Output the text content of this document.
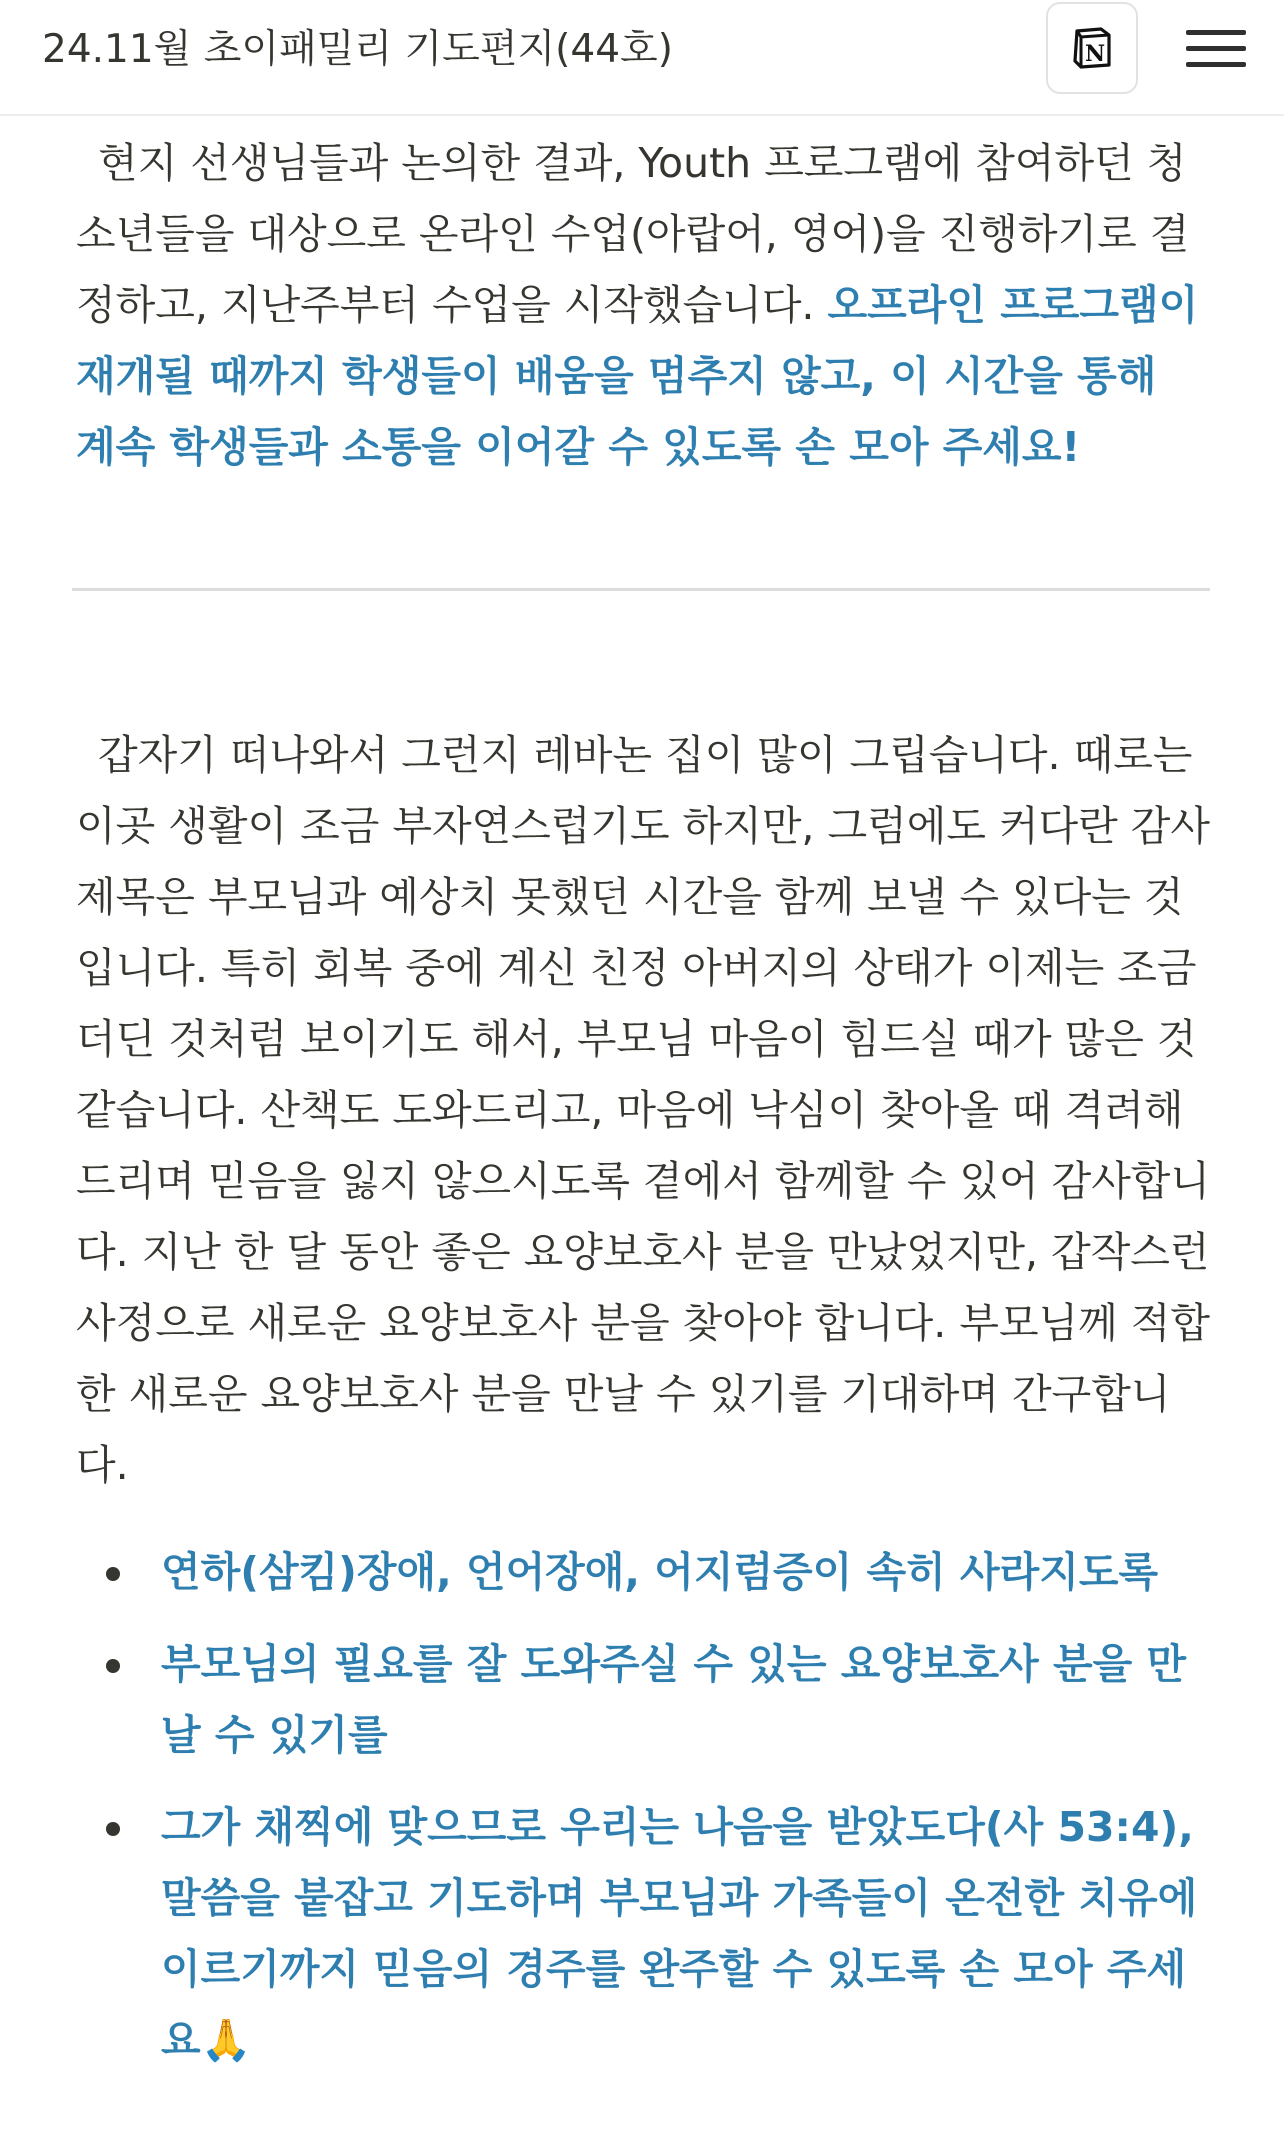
24.11월 초이패밀리 기도편지(44호)	N

현지 선생님들과 논의한 결과, Youth 프로그램에 참여하던 청소년들을 대상으로 온라인 수업(아랍어, 영어)을 진행하기로 결정하고, 지난주부터 수업을 시작했습니다. 오프라인 프로그램이 재개될 때까지 학생들이 배움을 멈추지 않고, 이 시간을 통해 계속 학생들과 소통을 이어갈 수 있도록 손 모아 주세요!

갑자기 떠나와서 그런지 레바논 집이 많이 그립습니다. 때로는 이곳 생활이 조금 부자연스럽기도 하지만, 그럼에도 커다란 감사 제목은 부모님과 예상치 못했던 시간을 함께 보낼 수 있다는 것입니다. 특히 회복 중에 계신 친정 아버지의 상태가 이제는 조금 더딘 것처럼 보이기도 해서, 부모님 마음이 힘드실 때가 많은 것 같습니다. 산책도 도와드리고, 마음에 낙심이 찾아올 때 격려해 드리며 믿음을 잃지 않으시도록 곁에서 함께할 수 있어 감사합니다. 지난 한 달 동안 좋은 요양보호사 분을 만났었지만, 갑작스런 사정으로 새로운 요양보호사 분을 찾아야 합니다. 부모님께 적합한 새로운 요양보호사 분을 만날 수 있기를 기대하며 간구합니다.

연하(삼킴)장애, 언어장애, 어지럼증이 속히 사라지도록
부모님의 필요를 잘 도와주실 수 있는 요양보호사 분을 만날 수 있기를
그가 채찍에 맞으므로 우리는 나음을 받았도다(사 53:4), 말씀을 붙잡고 기도하며 부모님과 가족들이 온전한 치유에 이르기까지 믿음의 경주를 완주할 수 있도록 손 모아 주세요🙏
